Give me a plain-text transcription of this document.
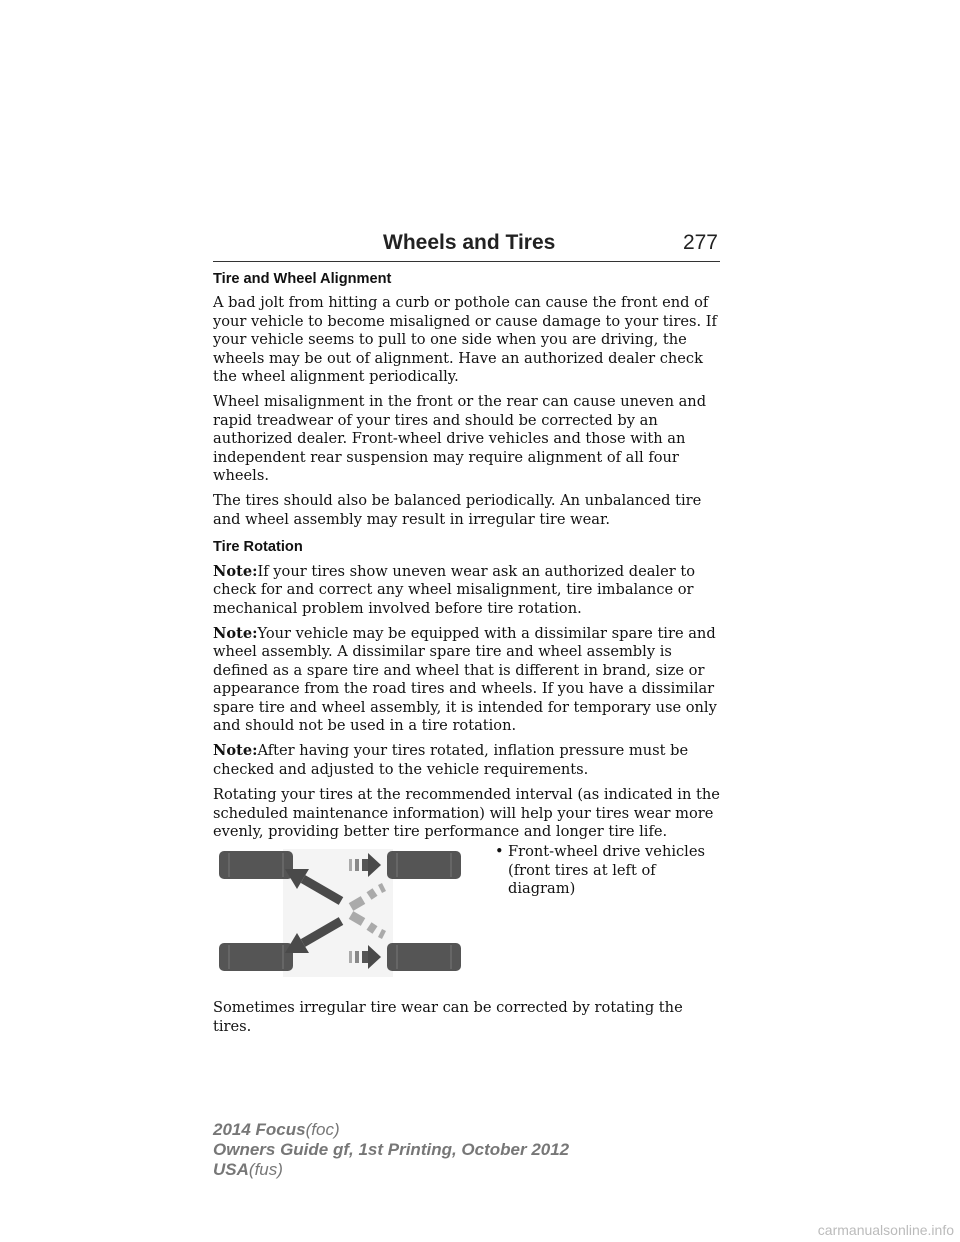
Wheels and Tires	277
Tire and Wheel Alignment

A bad jolt from hitting a curb or pothole can cause the front end of your vehicle to become misaligned or cause damage to your tires. If your vehicle seems to pull to one side when you are driving, the wheels may be out of alignment. Have an authorized dealer check the wheel alignment periodically.

Wheel misalignment in the front or the rear can cause uneven and rapid treadwear of your tires and should be corrected by an authorized dealer. Front-wheel drive vehicles and those with an independent rear suspension may require alignment of all four wheels.

The tires should also be balanced periodically. An unbalanced tire and wheel assembly may result in irregular tire wear.

Tire Rotation

Note:If your tires show uneven wear ask an authorized dealer to check for and correct any wheel misalignment, tire imbalance or mechanical problem involved before tire rotation.

Note:Your vehicle may be equipped with a dissimilar spare tire and wheel assembly. A dissimilar spare tire and wheel assembly is defined as a spare tire and wheel that is different in brand, size or appearance from the road tires and wheels. If you have a dissimilar spare tire and wheel assembly, it is intended for temporary use only and should not be used in a tire rotation.

Note:After having your tires rotated, inflation pressure must be checked and adjusted to the vehicle requirements.

Rotating your tires at the recommended interval (as indicated in the scheduled maintenance information) will help your tires wear more evenly, providing better tire performance and longer tire life.

• Front-wheel drive vehicles (front tires at left of diagram)

Sometimes irregular tire wear can be corrected by rotating the tires.

2014 Focus(foc)
Owners Guide gf, 1st Printing, October 2012
USA(fus)
carmanualsonline.info
